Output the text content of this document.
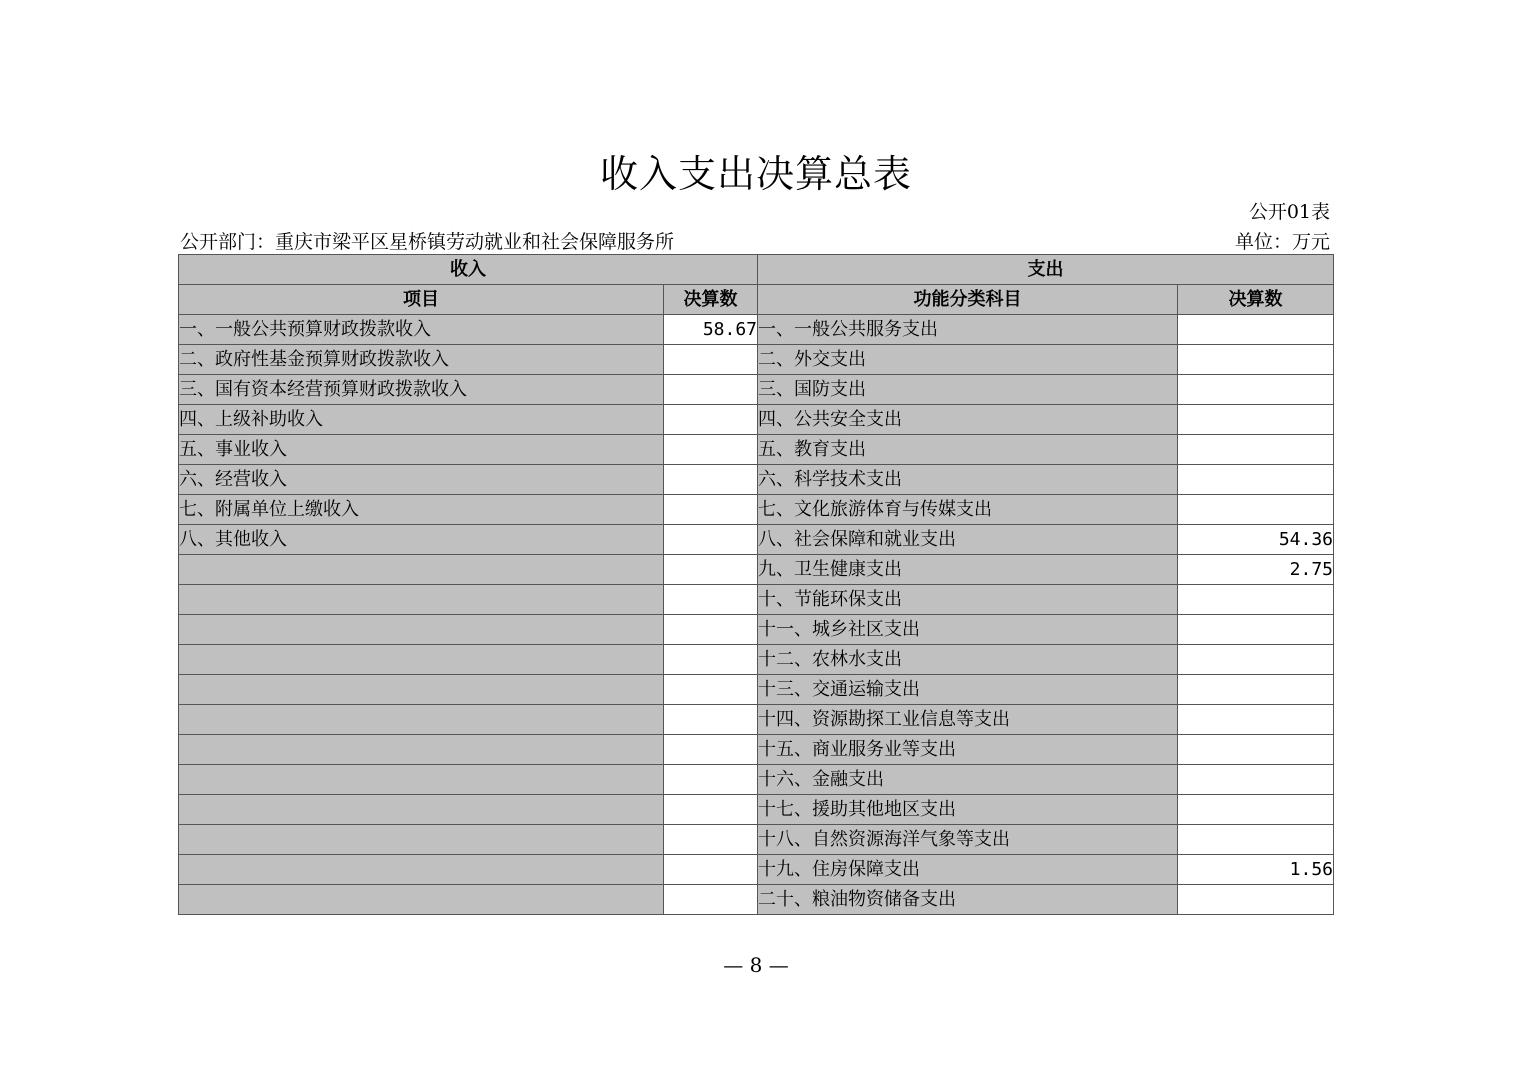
收入支出决算总表
公开01表
公开部门：重庆市梁平区星桥镇劳动就业和社会保障服务所	单位：万元
收入		支出	
项目	决算数	功能分类科目	决算数
一、一般公共预算财政拨款收入	58.67	一、一般公共服务支出	
二、政府性基金预算财政拨款收入		二、外交支出	
三、国有资本经营预算财政拨款收入		三、国防支出	
四、上级补助收入		四、公共安全支出	
五、事业收入		五、教育支出	
六、经营收入		六、科学技术支出	
七、附属单位上缴收入		七、文化旅游体育与传媒支出	
八、其他收入		八、社会保障和就业支出	54.36
		九、卫生健康支出	2.75
		十、节能环保支出	
		十一、城乡社区支出	
		十二、农林水支出	
		十三、交通运输支出	
		十四、资源勘探工业信息等支出	
		十五、商业服务业等支出	
		十六、金融支出	
		十七、援助其他地区支出	
		十八、自然资源海洋气象等支出	
		十九、住房保障支出	1.56
		二十、粮油物资储备支出	
— 8 —
